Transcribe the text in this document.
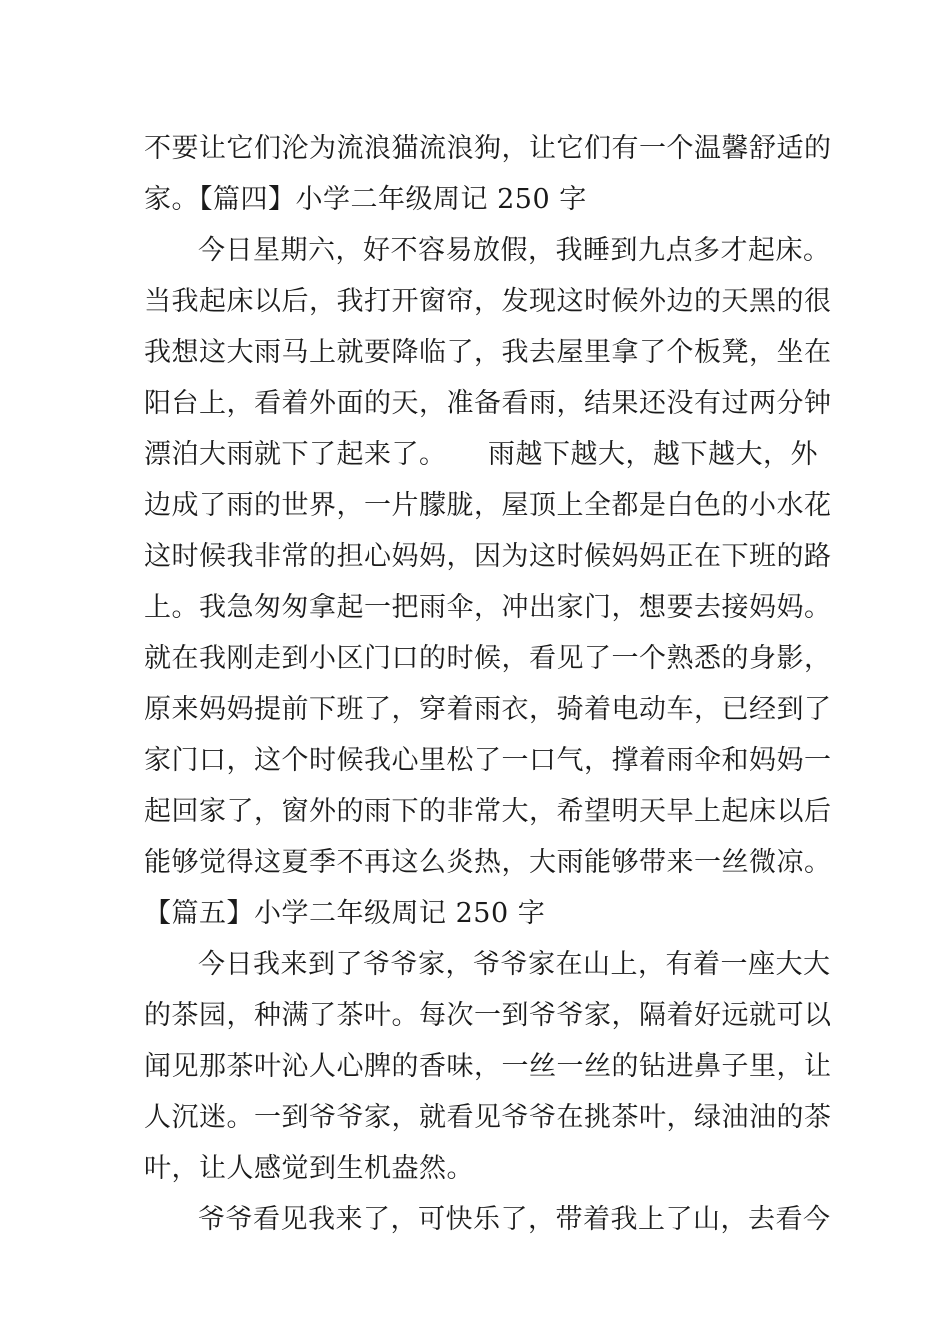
不要让它们沦为流浪猫流浪狗，让它们有一个温馨舒适的
家。【篇四】小学二年级周记 250 字
今日星期六，好不容易放假，我睡到九点多才起床。
当我起床以后，我打开窗帘，发现这时候外边的天黑的很
我想这大雨马上就要降临了，我去屋里拿了个板凳，坐在
阳台上，看着外面的天，准备看雨，结果还没有过两分钟
漂泊大雨就下了起来了。　　雨越下越大，越下越大，外
边成了雨的世界，一片朦胧，屋顶上全都是白色的小水花
这时候我非常的担心妈妈，因为这时候妈妈正在下班的路
上。我急匆匆拿起一把雨伞，冲出家门，想要去接妈妈。
就在我刚走到小区门口的时候，看见了一个熟悉的身影，
原来妈妈提前下班了，穿着雨衣，骑着电动车，已经到了
家门口，这个时候我心里松了一口气，撑着雨伞和妈妈一
起回家了，窗外的雨下的非常大，希望明天早上起床以后
能够觉得这夏季不再这么炎热，大雨能够带来一丝微凉。
【篇五】小学二年级周记 250 字
今日我来到了爷爷家，爷爷家在山上，有着一座大大
的茶园，种满了茶叶。每次一到爷爷家，隔着好远就可以
闻见那茶叶沁人心脾的香味，一丝一丝的钻进鼻子里，让
人沉迷。一到爷爷家，就看见爷爷在挑茶叶，绿油油的茶
叶，让人感觉到生机盎然。
爷爷看见我来了，可快乐了，带着我上了山，去看今
